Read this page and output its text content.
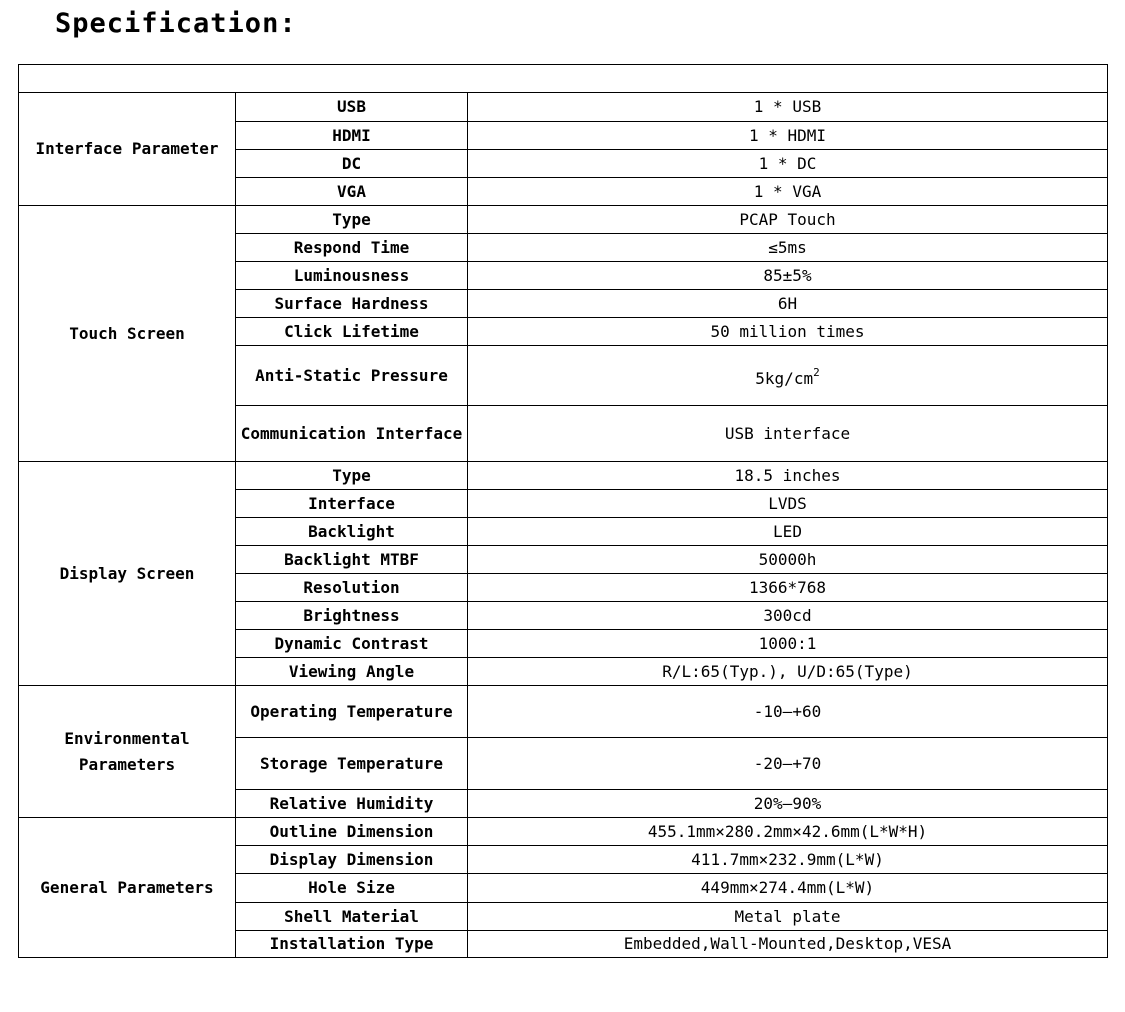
Specification:

Interface Parameter	USB	1 * USB
	HDMI	1 * HDMI
	DC	1 * DC
	VGA	1 * VGA
Touch Screen	Type	PCAP Touch
	Respond Time	≤5ms
	Luminousness	85±5%
	Surface Hardness	6H
	Click Lifetime	50 million times
	Anti-Static Pressure	$5kg/cm^2$
	Communication Interface	USB interface
Display Screen	Type	18.5 inches
	Interface	LVDS
	Backlight	LED
	Backlight MTBF	50000h
	Resolution	1366*768
	Brightness	300cd
	Dynamic Contrast	1000:1
	Viewing Angle	R/L:65(Typ.), U/D:65(Type)
Environmental Parameters	Operating Temperature	-10—+60
	Storage Temperature	-20—+70
	Relative Humidity	20%—90%
General Parameters	Outline Dimension	455.1mm×280.2mm×42.6mm(L*W*H)
	Display Dimension	411.7mm×232.9mm(L*W)
	Hole Size	449mm×274.4mm(L*W)
	Shell Material	Metal plate
	Installation Type	Embedded,Wall-Mounted,Desktop,VESA
